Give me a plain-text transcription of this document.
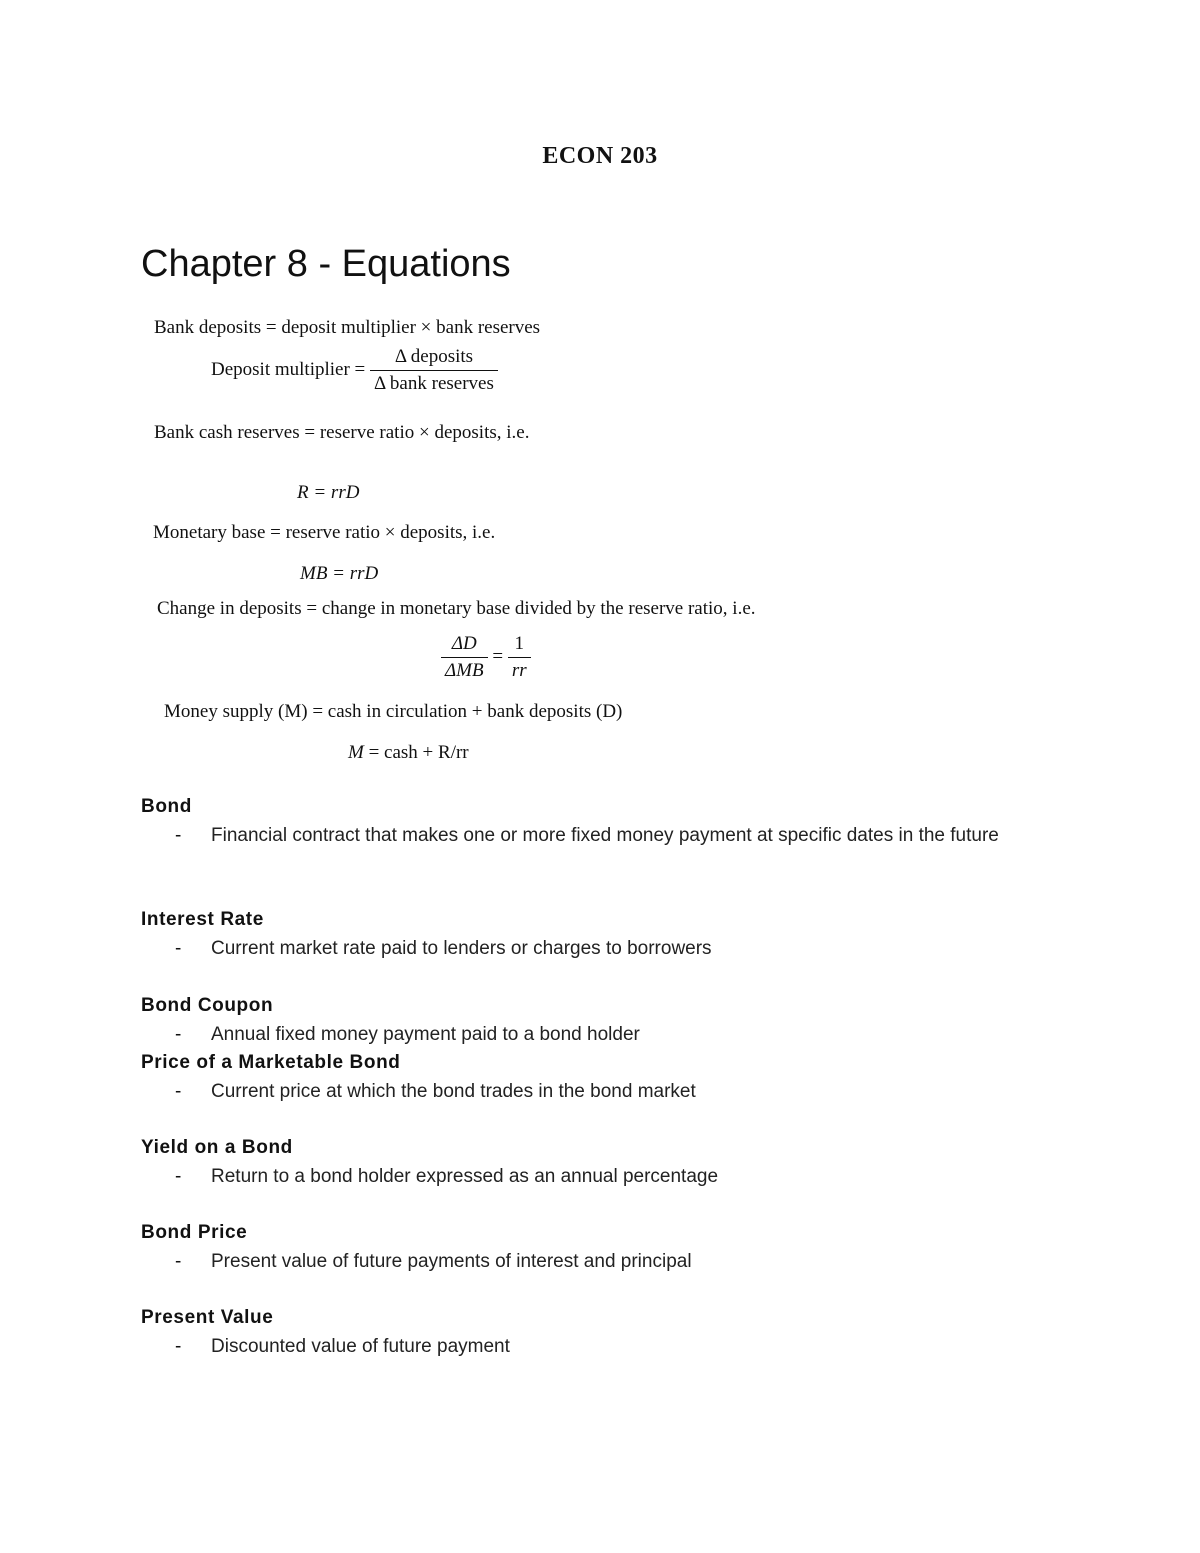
ECON 203
Chapter 8 - Equations
Bank deposits = deposit multiplier × bank reserves
Deposit multiplier = $\frac{\text{Δ deposits}}{\text{Δ bank reserves}}$
Bank cash reserves = reserve ratio × deposits, i.e.
R = rrD
Monetary base = reserve ratio × deposits, i.e.
MB = rrD
Change in deposits = change in monetary base divided by the reserve ratio, i.e.
$\frac{\Delta D}{\text{ΔMB}} = \frac{1}{rr}$
Money supply (M) = cash in circulation + bank deposits (D)
M = cash + R/rr
Bond
- Financial contract that makes one or more fixed money payment at specific dates in the future
Interest Rate
- Current market rate paid to lenders or charges to borrowers
Bond Coupon
- Annual fixed money payment paid to a bond holder
Price of a Marketable Bond
- Current price at which the bond trades in the bond market
Yield on a Bond
- Return to a bond holder expressed as an annual percentage
Bond Price
- Present value of future payments of interest and principal
Present Value
- Discounted value of future payment
